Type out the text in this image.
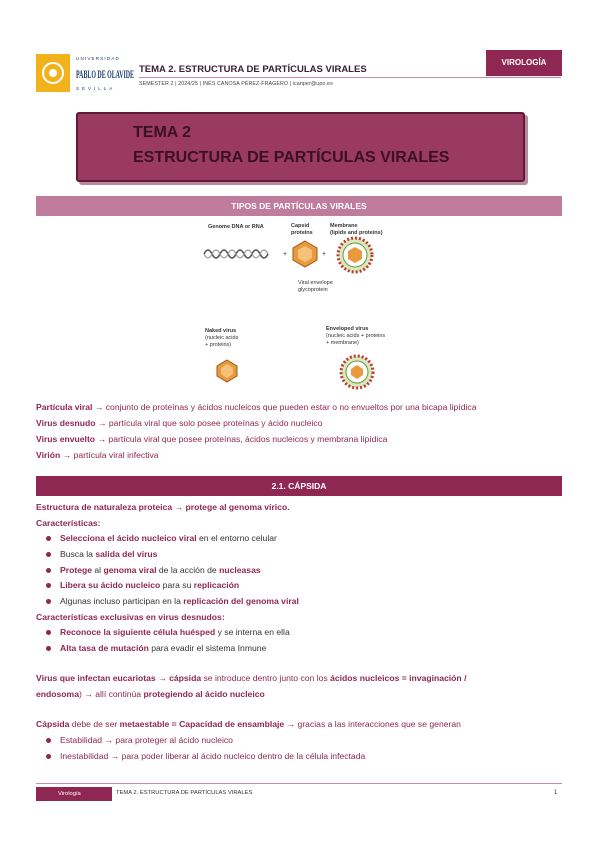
UNIVERSIDAD
PABLO DE OLAVIDE
SEVILLA
TEMA 2. ESTRUCTURA DE PARTÍCULAS VIRALES
SEMESTER 2 | 2024/25 | INÉS CANOSA PÉREZ-FRAGERO | icanper@upo.es
VIROLOGÍA
TEMA 2
ESTRUCTURA DE PARTÍCULAS VIRALES
TIPOS DE PARTÍCULAS VIRALES
Genome DNA or RNA	Capsid
proteins
Membrane
(lipids and proteins)
+	+
Viral envelope
glycoprotein
Naked virus
(nucleic acids
+ proteins)
Enveloped virus
(nucleic acids + proteins
+ membrane)
Partícula viral → conjunto de proteínas y ácidos nucleicos que pueden estar o no envueltos por una bicapa lipídica
Virus desnudo → partícula viral que solo posee proteínas y ácido nucleico
Virus envuelto → partícula viral que posee proteínas, ácidos nucleicos y membrana lipídica
Virión → partícula viral infectiva
2.1. CÁPSIDA
Estructura de naturaleza proteica → protege al genoma vírico.
Características:
Selecciona el ácido nucleico viral en el entorno celular
Busca la salida del virus
Protege al genoma viral de la acción de nucleasas
Libera su ácido nucleico para su replicación
Algunas incluso participan en la replicación del genoma viral
Características exclusivas en virus desnudos:
Reconoce la siguiente célula huésped y se interna en ella
Alta tasa de mutación para evadir el sistema Inmune
Virus que infectan eucariotas → cápsida se introduce dentro junto con los ácidos nucleicos = invaginación /
endosoma) → allí continúa protegiendo al ácido nucleico
Cápsida debe de ser metaestable = Capacidad de ensamblaje → gracias a las interacciones que se generan
Estabilidad → para proteger al ácido nucleico
Inestabilidad → para poder liberar al ácido nucleico dentro de la célula infectada
Virología	TEMA 2. ESTRUCTURA DE PARTÍCULAS VIRALES	1
